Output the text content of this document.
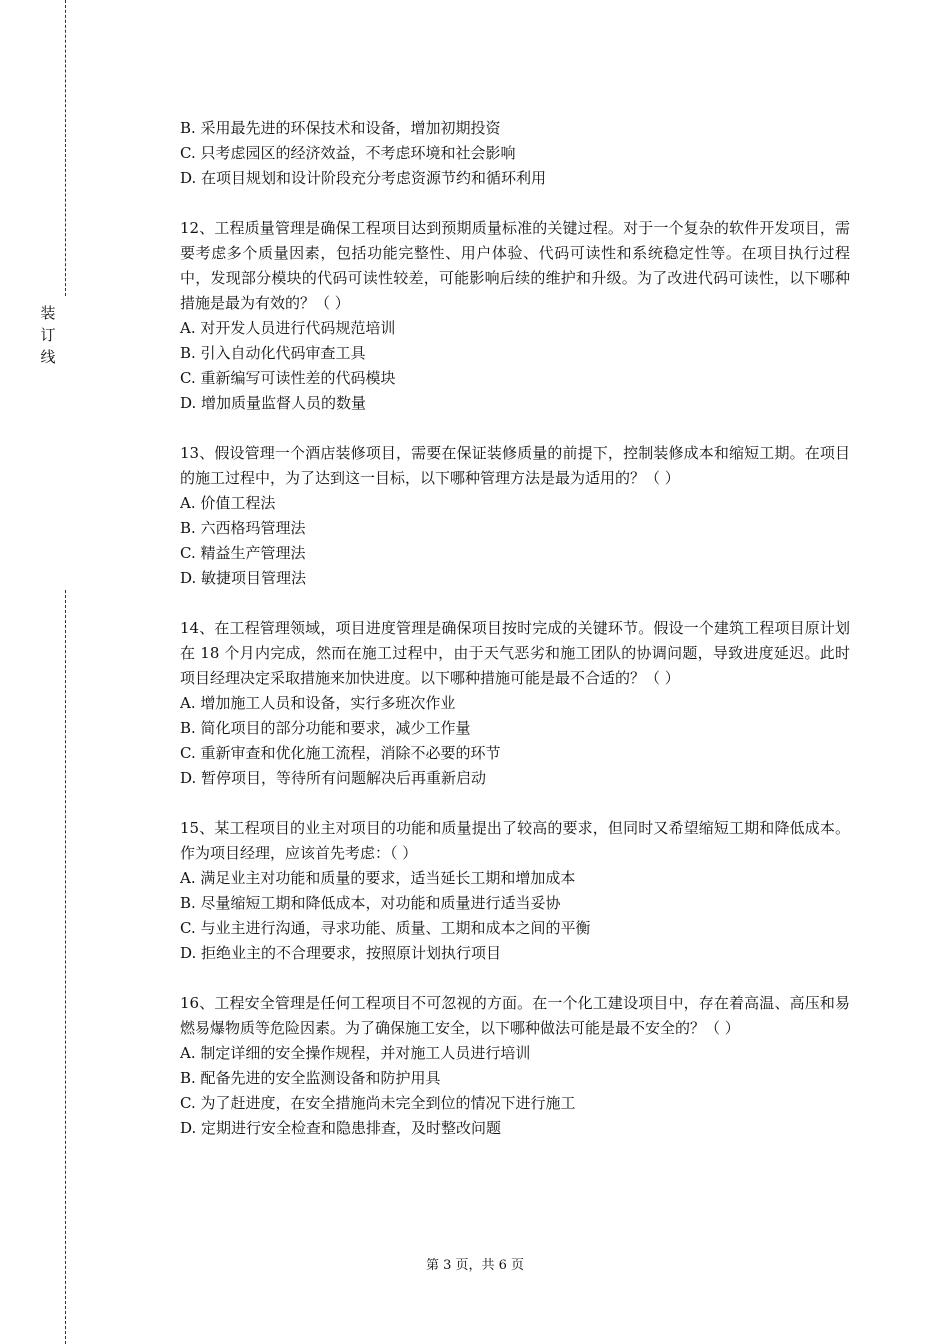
装
订
线
B. 采用最先进的环保技术和设备，增加初期投资
C. 只考虑园区的经济效益，不考虑环境和社会影响
D. 在项目规划和设计阶段充分考虑资源节约和循环利用
12、工程质量管理是确保工程项目达到预期质量标准的关键过程。对于一个复杂的软件开发项目，需要考虑多个质量因素，包括功能完整性、用户体验、代码可读性和系统稳定性等。在项目执行过程中，发现部分模块的代码可读性较差，可能影响后续的维护和升级。为了改进代码可读性，以下哪种措施是最为有效的？（ ）
A. 对开发人员进行代码规范培训
B. 引入自动化代码审查工具
C. 重新编写可读性差的代码模块
D. 增加质量监督人员的数量
13、假设管理一个酒店装修项目，需要在保证装修质量的前提下，控制装修成本和缩短工期。在项目的施工过程中，为了达到这一目标，以下哪种管理方法是最为适用的？（ ）
A. 价值工程法
B. 六西格玛管理法
C. 精益生产管理法
D. 敏捷项目管理法
14、在工程管理领域，项目进度管理是确保项目按时完成的关键环节。假设一个建筑工程项目原计划在 18 个月内完成，然而在施工过程中，由于天气恶劣和施工团队的协调问题，导致进度延迟。此时项目经理决定采取措施来加快进度。以下哪种措施可能是最不合适的？（ ）
A. 增加施工人员和设备，实行多班次作业
B. 简化项目的部分功能和要求，减少工作量
C. 重新审查和优化施工流程，消除不必要的环节
D. 暂停项目，等待所有问题解决后再重新启动
15、某工程项目的业主对项目的功能和质量提出了较高的要求，但同时又希望缩短工期和降低成本。作为项目经理，应该首先考虑：（ ）
A. 满足业主对功能和质量的要求，适当延长工期和增加成本
B. 尽量缩短工期和降低成本，对功能和质量进行适当妥协
C. 与业主进行沟通，寻求功能、质量、工期和成本之间的平衡
D. 拒绝业主的不合理要求，按照原计划执行项目
16、工程安全管理是任何工程项目不可忽视的方面。在一个化工建设项目中，存在着高温、高压和易燃易爆物质等危险因素。为了确保施工安全，以下哪种做法可能是最不安全的？（ ）
A. 制定详细的安全操作规程，并对施工人员进行培训
B. 配备先进的安全监测设备和防护用具
C. 为了赶进度，在安全措施尚未完全到位的情况下进行施工
D. 定期进行安全检查和隐患排查，及时整改问题
第 3 页，共 6 页
